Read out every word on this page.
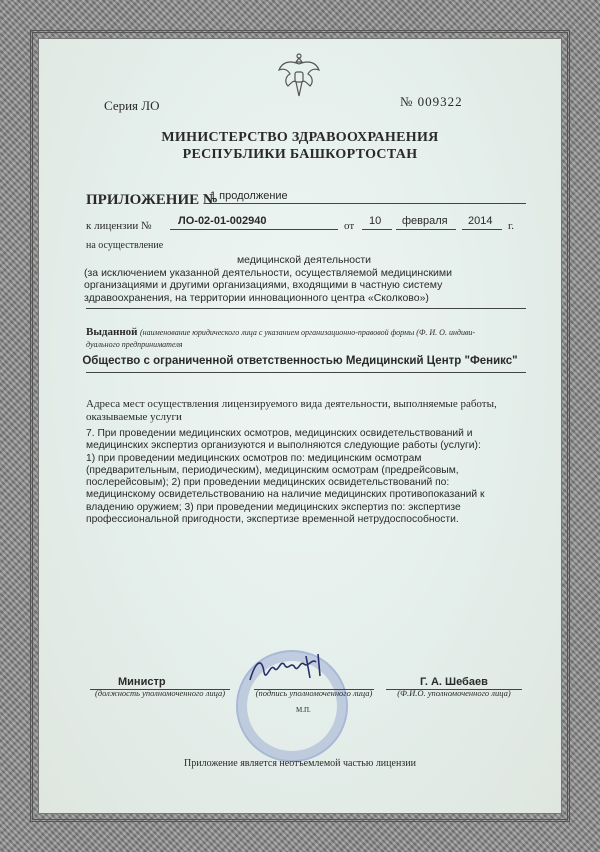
Серия ЛО	№ 009322
МИНИСТЕРСТВО ЗДРАВООХРАНЕНИЯ
РЕСПУБЛИКИ БАШКОРТОСТАН
ПРИЛОЖЕНИЕ №
1 продолжение
к лицензии № ЛО-02-01-002940	от 10 февраля 2014 г.
на осуществление
медицинской деятельности
(за исключением указанной деятельности, осуществляемой медицинскими
организациями и другими организациями, входящими в частную систему
здравоохранения, на территории инновационного центра «Сколково»)
Выданной (наименование юридического лица с указанием организационно-правовой формы (Ф. И. О. индиви-
дуального предпринимателя
Общество с ограниченной ответственностью Медицинский Центр "Феникс"
Адреса мест осуществления лицензируемого вида деятельности, выполняемые работы,
оказываемые услуги
7. При проведении медицинских осмотров, медицинских освидетельствований и
медицинских экспертиз организуются и выполняются следующие работы (услуги):
1) при проведении медицинских осмотров по: медицинским осмотрам
(предварительным, периодическим), медицинским осмотрам (предрейсовым,
послерейсовым); 2) при проведении медицинских освидетельствований по:
медицинскому освидетельствованию на наличие медицинских противопоказаний к
владению оружием; 3) при проведении медицинских экспертиз по: экспертизе
профессиональной пригодности, экспертизе временной нетрудоспособности.
Министр	Г. А. Шебаев
(должность уполномоченного лица)	(подпись уполномоченного лица)	(Ф.И.О. уполномоченного лица)
М.П.
Приложение является неотъемлемой частью лицензии
